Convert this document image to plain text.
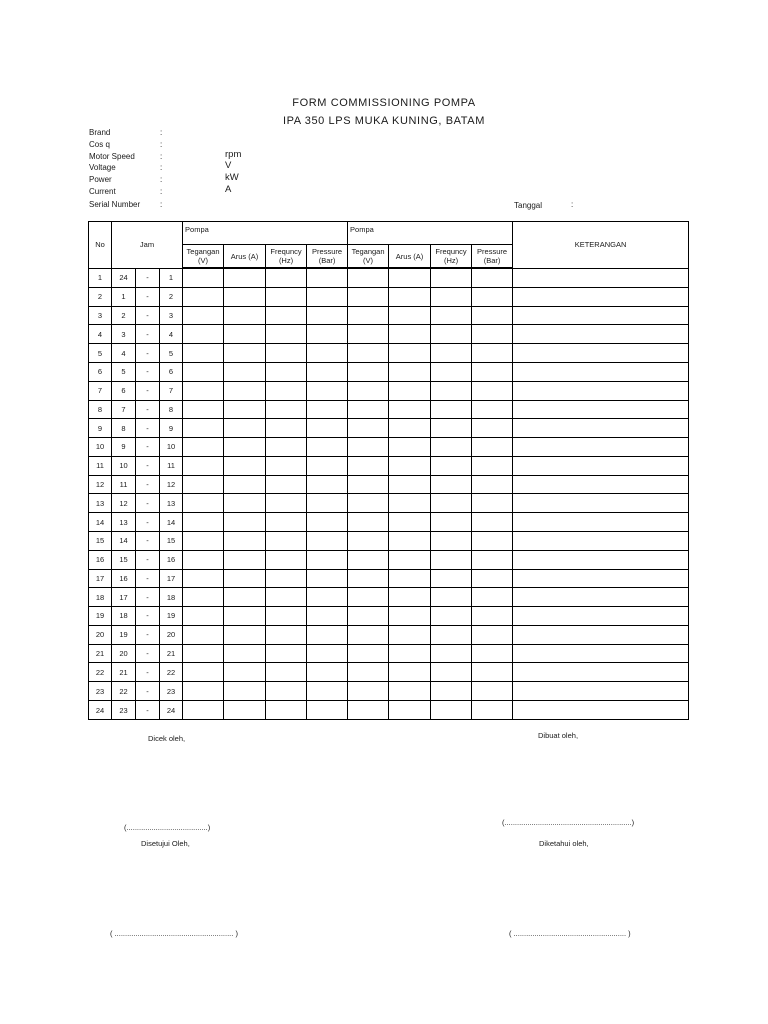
FORM COMMISSIONING POMPA
IPA 350 LPS MUKA KUNING, BATAM
Brand	:
Cos q	:
Motor Speed	:	rpm
Voltage	:	V
Power	:	kW
Current	:	A
Serial Number :	Tanggal	:
No	Jam			Pompa				Pompa				KETERANGAN
				Tegangan (V)	Arus (A)	Frequncy (Hz)	Pressure (Bar)	Tegangan (V)	Arus (A)	Frequncy (Hz)	Pressure (Bar)	
1	24	-	1									
2	1	-	2									
3	2	-	3									
4	3	-	4									
5	4	-	5									
6	5	-	6									
7	6	-	7									
8	7	-	8									
9	8	-	9									
10	9	-	10									
11	10	-	11									
12	11	-	12									
13	12	-	13									
14	13	-	14									
15	14	-	15									
16	15	-	16									
17	16	-	17									
18	17	-	18									
19	18	-	19									
20	19	-	20									
21	20	-	21									
22	21	-	22									
23	22	-	23									
24	23	-	24									
Dicek oleh,	Dibuat oleh,
(.......................................)
(.............................................................)
Disetujui Oleh,	Diketahui oleh,
( ......................................................... )	( ...................................................... )
